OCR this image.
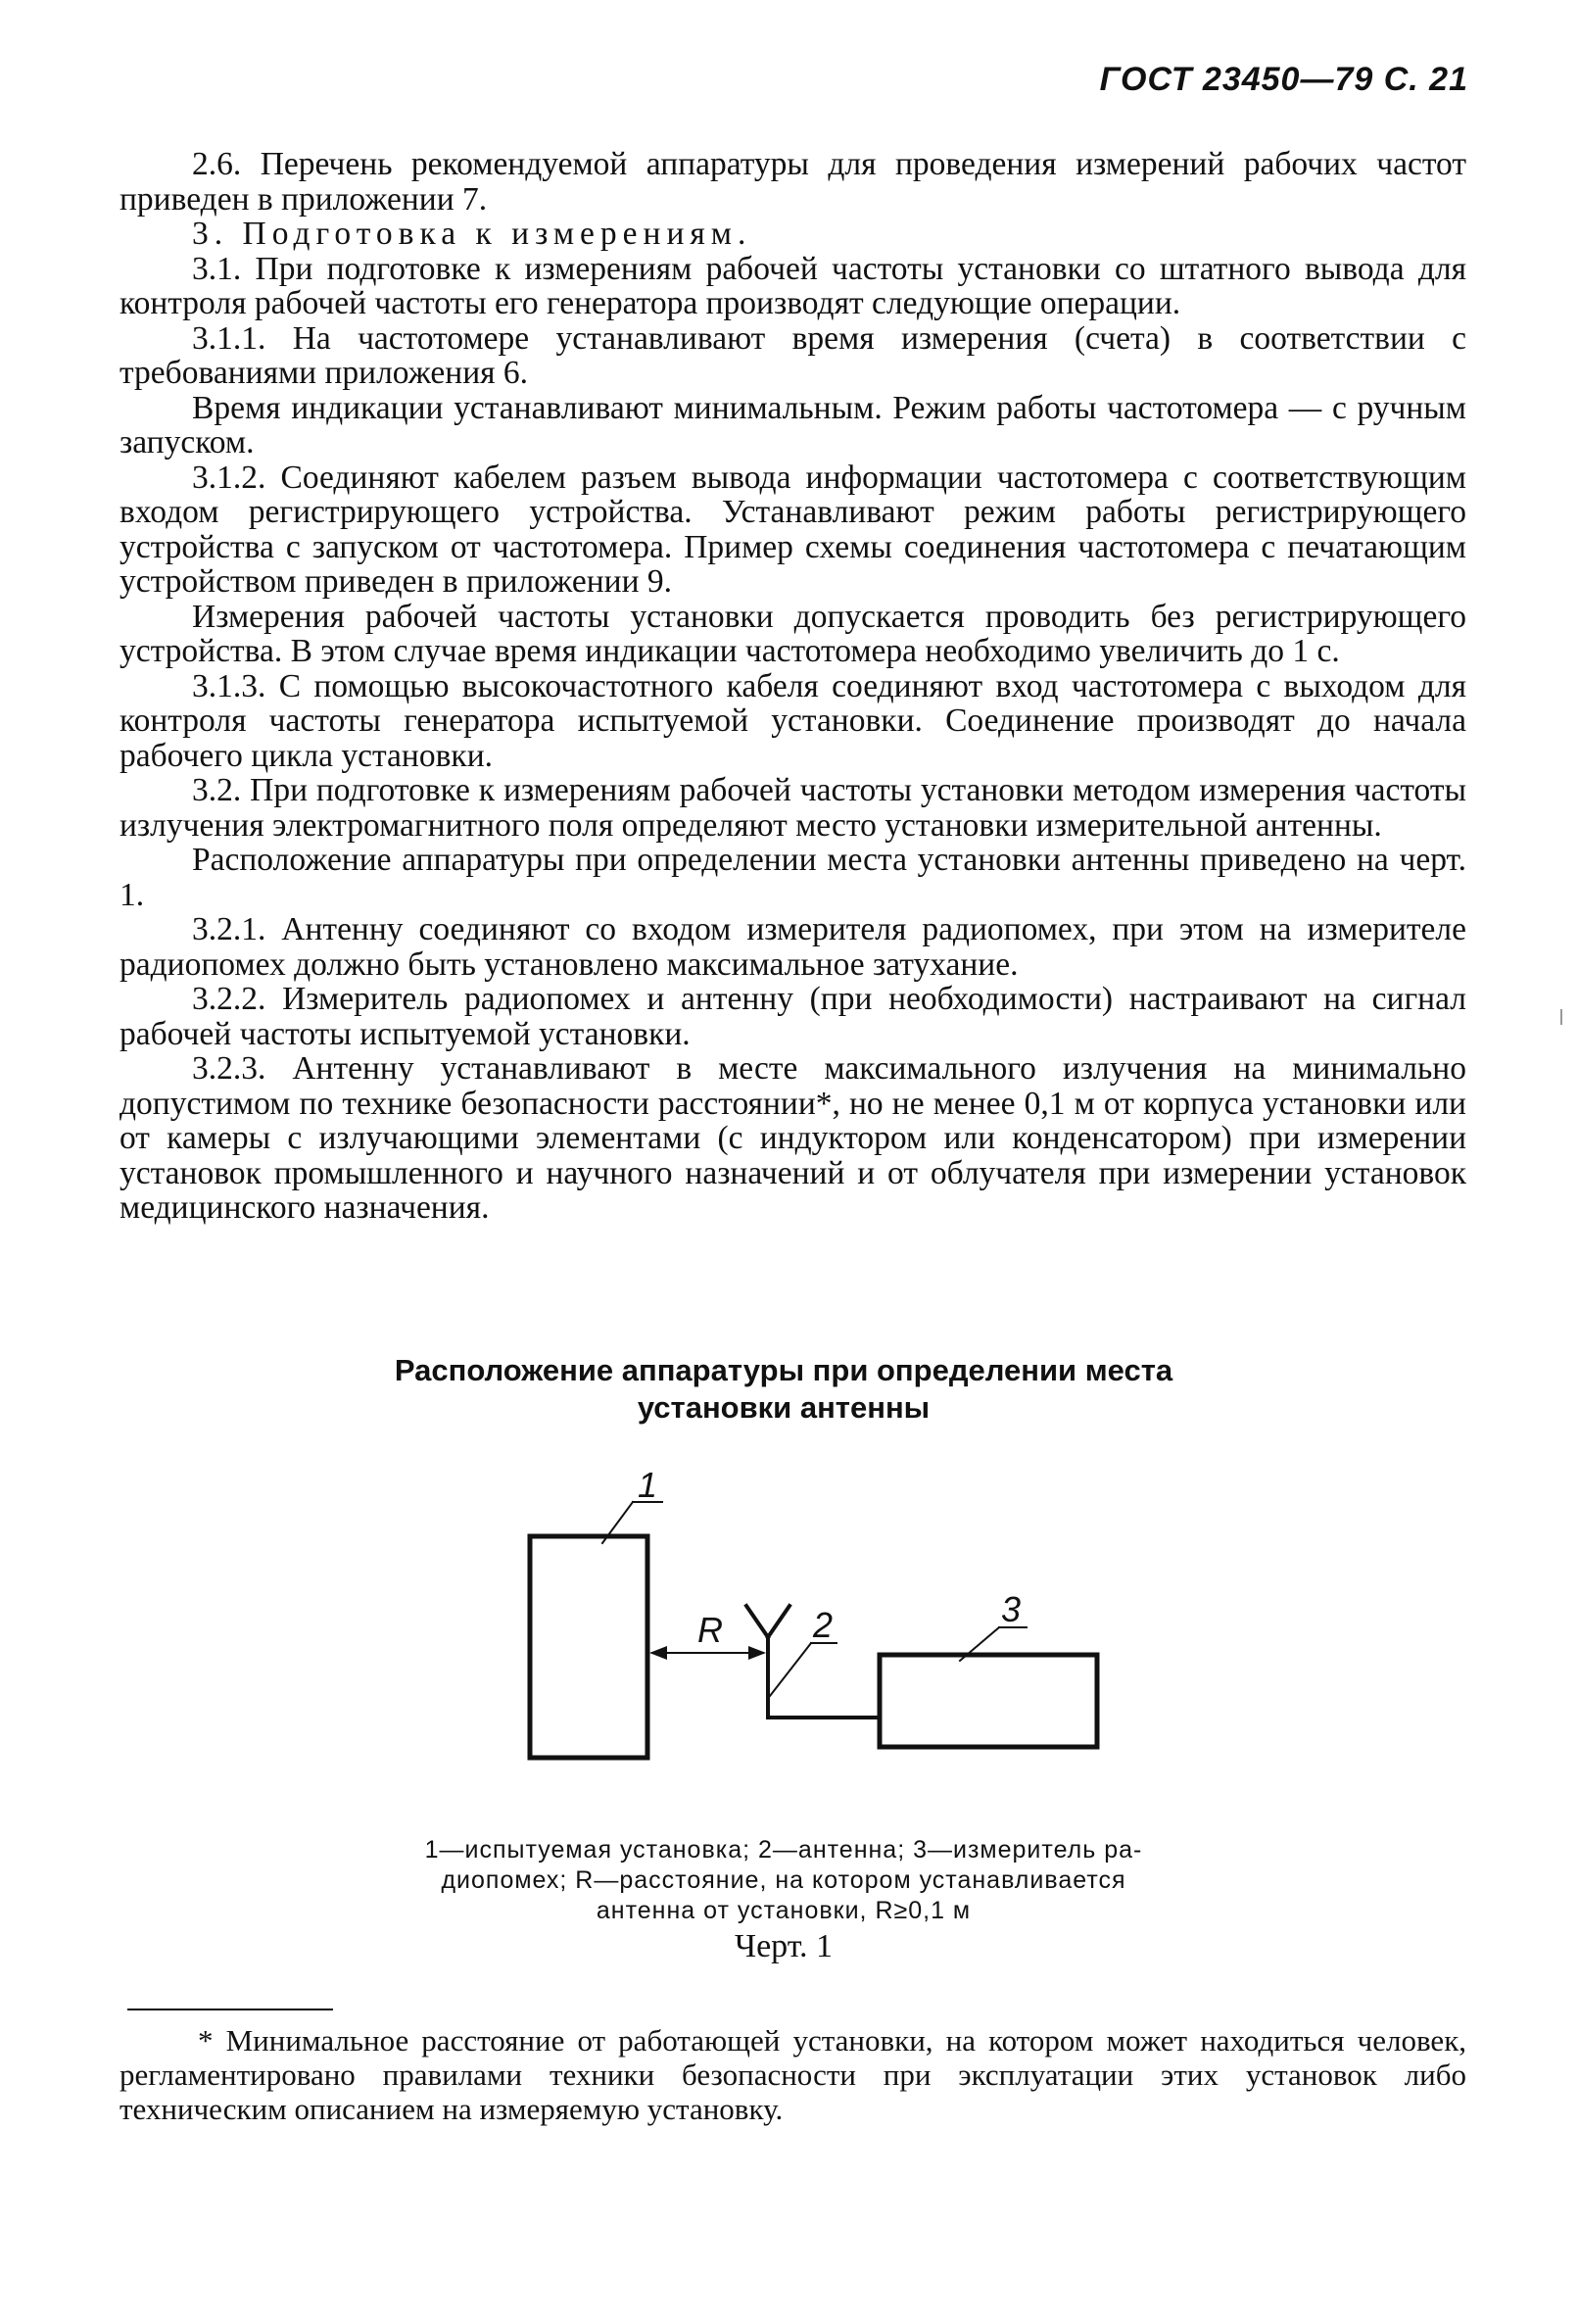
ГОСТ 23450—79 С. 21

2.6. Перечень рекомендуемой аппаратуры для проведения измерений рабочих частот приведен в приложении 7.

3. Подготовка к измерениям.

3.1. При подготовке к измерениям рабочей частоты установки со штатного вывода для контроля рабочей частоты его генератора производят следующие операции.

3.1.1. На частотомере устанавливают время измерения (счета) в соответствии с требованиями приложения 6.

Время индикации устанавливают минимальным. Режим работы частотомера — с ручным запуском.

3.1.2. Соединяют кабелем разъем вывода информации частотомера с соответствующим входом регистрирующего устройства. Устанавливают режим работы регистрирующего устройства с запуском от частотомера. Пример схемы соединения частотомера с печатающим устройством приведен в приложении 9.

Измерения рабочей частоты установки допускается проводить без регистрирующего устройства. В этом случае время индикации частотомера необходимо увеличить до 1 с.

3.1.3. С помощью высокочастотного кабеля соединяют вход частотомера с выходом для контроля частоты генератора испытуемой установки. Соединение производят до начала рабочего цикла установки.

3.2. При подготовке к измерениям рабочей частоты установки методом измерения частоты излучения электромагнитного поля определяют место установки измерительной антенны.

Расположение аппаратуры при определении места установки антенны приведено на черт. 1.

3.2.1. Антенну соединяют со входом измерителя радиопомех, при этом на измерителе радиопомех должно быть установлено максимальное затухание.

3.2.2. Измеритель радиопомех и антенну (при необходимости) настраивают на сигнал рабочей частоты испытуемой установки.

3.2.3. Антенну устанавливают в месте максимального излучения на минимально допустимом по технике безопасности расстоянии*, но не менее 0,1 м от корпуса установки или от камеры с излучающими элементами (с индуктором или конденсатором) при измерении установок промышленного и научного назначений и от облучателя при измерении установок медицинского назначения.

Расположение аппаратуры при определении места
установки антенны
1
2	3
R
1—испытуемая установка; 2—антенна; 3—измеритель ра-
диопомех; R—расстояние, на котором устанавливается
антенна от установки, R≥0,1 м
Черт. 1

* Минимальное расстояние от работающей установки, на котором может находиться человек, регламентировано правилами техники безопасности при эксплуатации этих установок либо техническим описанием на измеряемую установку.
